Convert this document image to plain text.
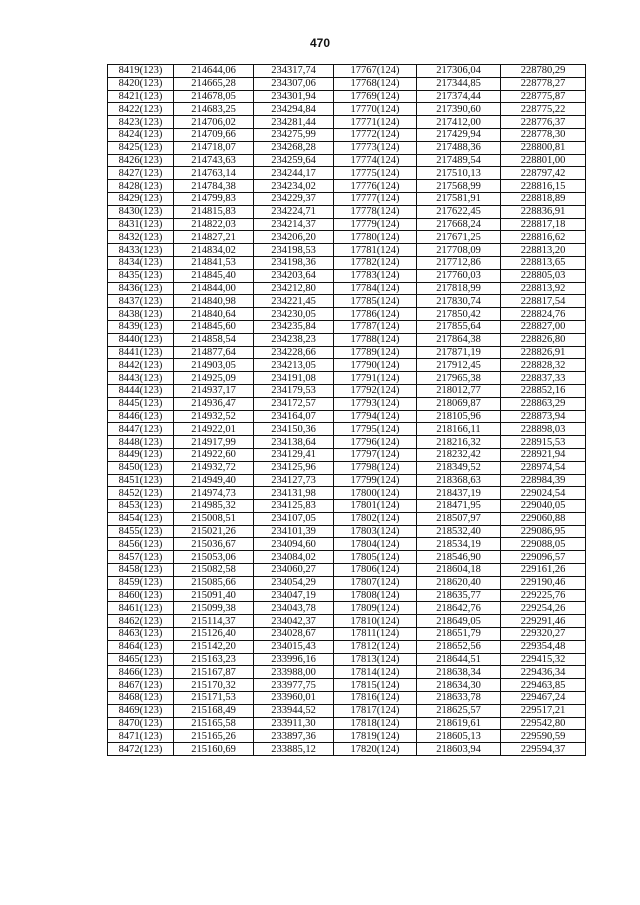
470
8419(123)	214644,06	234317,74	17767(124)	217306,04	228780,29
8420(123)	214665,28	234307,06	17768(124)	217344,85	228778,27
8421(123)	214678,05	234301,94	17769(124)	217374,44	228775,87
8422(123)	214683,25	234294,84	17770(124)	217390,60	228775,22
8423(123)	214706,02	234281,44	17771(124)	217412,00	228776,37
8424(123)	214709,66	234275,99	17772(124)	217429,94	228778,30
8425(123)	214718,07	234268,28	17773(124)	217488,36	228800,81
8426(123)	214743,63	234259,64	17774(124)	217489,54	228801,00
8427(123)	214763,14	234244,17	17775(124)	217510,13	228797,42
8428(123)	214784,38	234234,02	17776(124)	217568,99	228816,15
8429(123)	214799,83	234229,37	17777(124)	217581,91	228818,89
8430(123)	214815,83	234224,71	17778(124)	217622,45	228836,91
8431(123)	214822,03	234214,37	17779(124)	217668,24	228817,18
8432(123)	214827,21	234206,20	17780(124)	217671,25	228816,62
8433(123)	214834,02	234198,53	17781(124)	217708,09	228813,20
8434(123)	214841,53	234198,36	17782(124)	217712,86	228813,65
8435(123)	214845,40	234203,64	17783(124)	217760,03	228805,03
8436(123)	214844,00	234212,80	17784(124)	217818,99	228813,92
8437(123)	214840,98	234221,45	17785(124)	217830,74	228817,54
8438(123)	214840,64	234230,05	17786(124)	217850,42	228824,76
8439(123)	214845,60	234235,84	17787(124)	217855,64	228827,00
8440(123)	214858,54	234238,23	17788(124)	217864,38	228826,80
8441(123)	214877,64	234228,66	17789(124)	217871,19	228826,91
8442(123)	214903,05	234213,05	17790(124)	217912,45	228828,32
8443(123)	214925,09	234191,08	17791(124)	217965,38	228837,33
8444(123)	214937,17	234179,53	17792(124)	218012,77	228852,16
8445(123)	214936,47	234172,57	17793(124)	218069,87	228863,29
8446(123)	214932,52	234164,07	17794(124)	218105,96	228873,94
8447(123)	214922,01	234150,36	17795(124)	218166,11	228898,03
8448(123)	214917,99	234138,64	17796(124)	218216,32	228915,53
8449(123)	214922,60	234129,41	17797(124)	218232,42	228921,94
8450(123)	214932,72	234125,96	17798(124)	218349,52	228974,54
8451(123)	214949,40	234127,73	17799(124)	218368,63	228984,39
8452(123)	214974,73	234131,98	17800(124)	218437,19	229024,54
8453(123)	214985,32	234125,83	17801(124)	218471,95	229040,05
8454(123)	215008,51	234107,05	17802(124)	218507,97	229060,88
8455(123)	215021,26	234101,39	17803(124)	218532,40	229086,95
8456(123)	215036,67	234094,60	17804(124)	218534,19	229088,05
8457(123)	215053,06	234084,02	17805(124)	218546,90	229096,57
8458(123)	215082,58	234060,27	17806(124)	218604,18	229161,26
8459(123)	215085,66	234054,29	17807(124)	218620,40	229190,46
8460(123)	215091,40	234047,19	17808(124)	218635,77	229225,76
8461(123)	215099,38	234043,78	17809(124)	218642,76	229254,26
8462(123)	215114,37	234042,37	17810(124)	218649,05	229291,46
8463(123)	215126,40	234028,67	17811(124)	218651,79	229320,27
8464(123)	215142,20	234015,43	17812(124)	218652,56	229354,48
8465(123)	215163,23	233996,16	17813(124)	218644,51	229415,32
8466(123)	215167,87	233988,00	17814(124)	218638,34	229436,34
8467(123)	215170,32	233977,75	17815(124)	218634,30	229463,85
8468(123)	215171,53	233960,01	17816(124)	218633,78	229467,24
8469(123)	215168,49	233944,52	17817(124)	218625,57	229517,21
8470(123)	215165,58	233911,30	17818(124)	218619,61	229542,80
8471(123)	215165,26	233897,36	17819(124)	218605,13	229590,59
8472(123)	215160,69	233885,12	17820(124)	218603,94	229594,37
